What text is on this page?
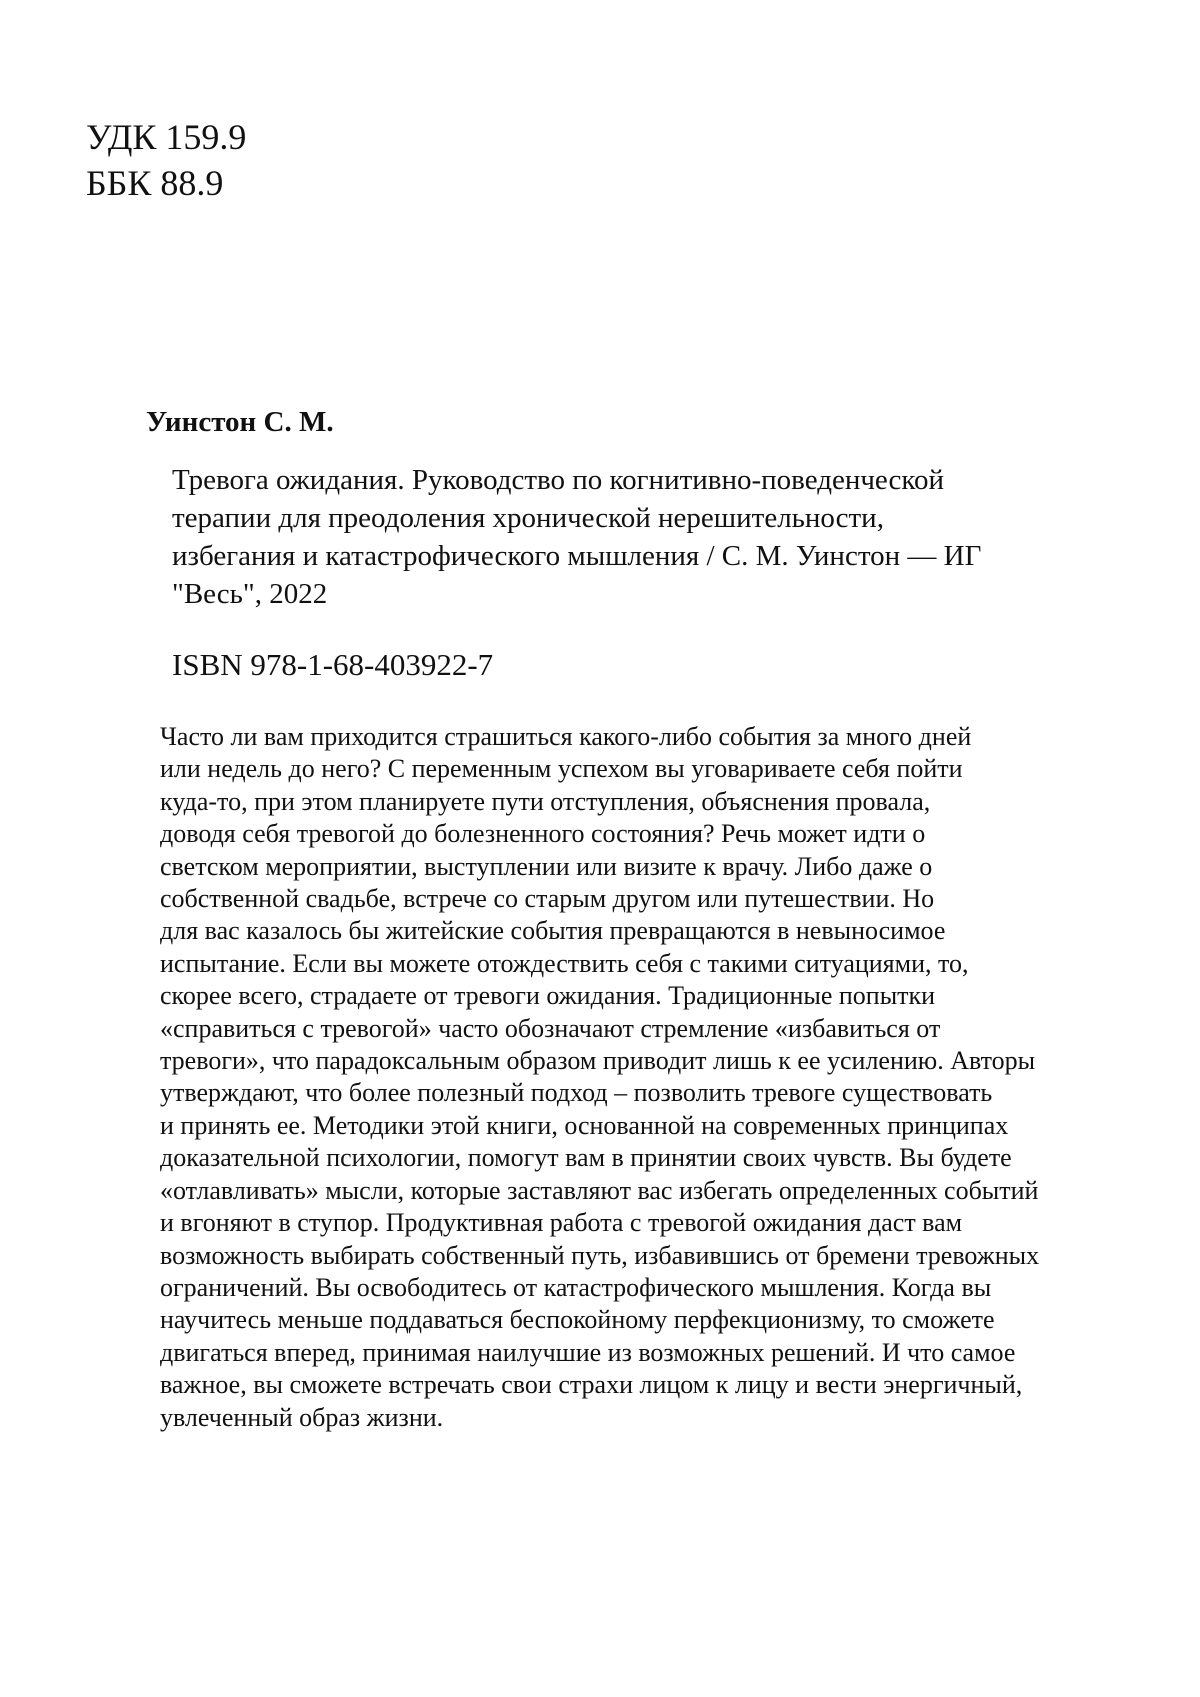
УДК 159.9
ББК 88.9
Уинстон С. М.
Тревога ожидания. Руководство по когнитивно-поведенческой
терапии для преодоления хронической нерешительности,
избегания и катастрофического мышления / С. М. Уинстон — ИГ
"Весь", 2022
ISBN 978-1-68-403922-7
Часто ли вам приходится страшиться какого-либо события за много дней
или недель до него? С переменным успехом вы уговариваете себя пойти
куда-то, при этом планируете пути отступления, объяснения провала,
доводя себя тревогой до болезненного состояния? Речь может идти о
светском мероприятии, выступлении или визите к врачу. Либо даже о
собственной свадьбе, встрече со старым другом или путешествии. Но
для вас казалось бы житейские события превращаются в невыносимое
испытание. Если вы можете отождествить себя с такими ситуациями, то,
скорее всего, страдаете от тревоги ожидания. Традиционные попытки
«справиться с тревогой» часто обозначают стремление «избавиться от
тревоги», что парадоксальным образом приводит лишь к ее усилению. Авторы
утверждают, что более полезный подход – позволить тревоге существовать
и принять ее. Методики этой книги, основанной на современных принципах
доказательной психологии, помогут вам в принятии своих чувств. Вы будете
«отлавливать» мысли, которые заставляют вас избегать определенных событий
и вгоняют в ступор. Продуктивная работа с тревогой ожидания даст вам
возможность выбирать собственный путь, избавившись от бремени тревожных
ограничений. Вы освободитесь от катастрофического мышления. Когда вы
научитесь меньше поддаваться беспокойному перфекционизму, то сможете
двигаться вперед, принимая наилучшие из возможных решений. И что самое
важное, вы сможете встречать свои страхи лицом к лицу и вести энергичный,
увлеченный образ жизни.
